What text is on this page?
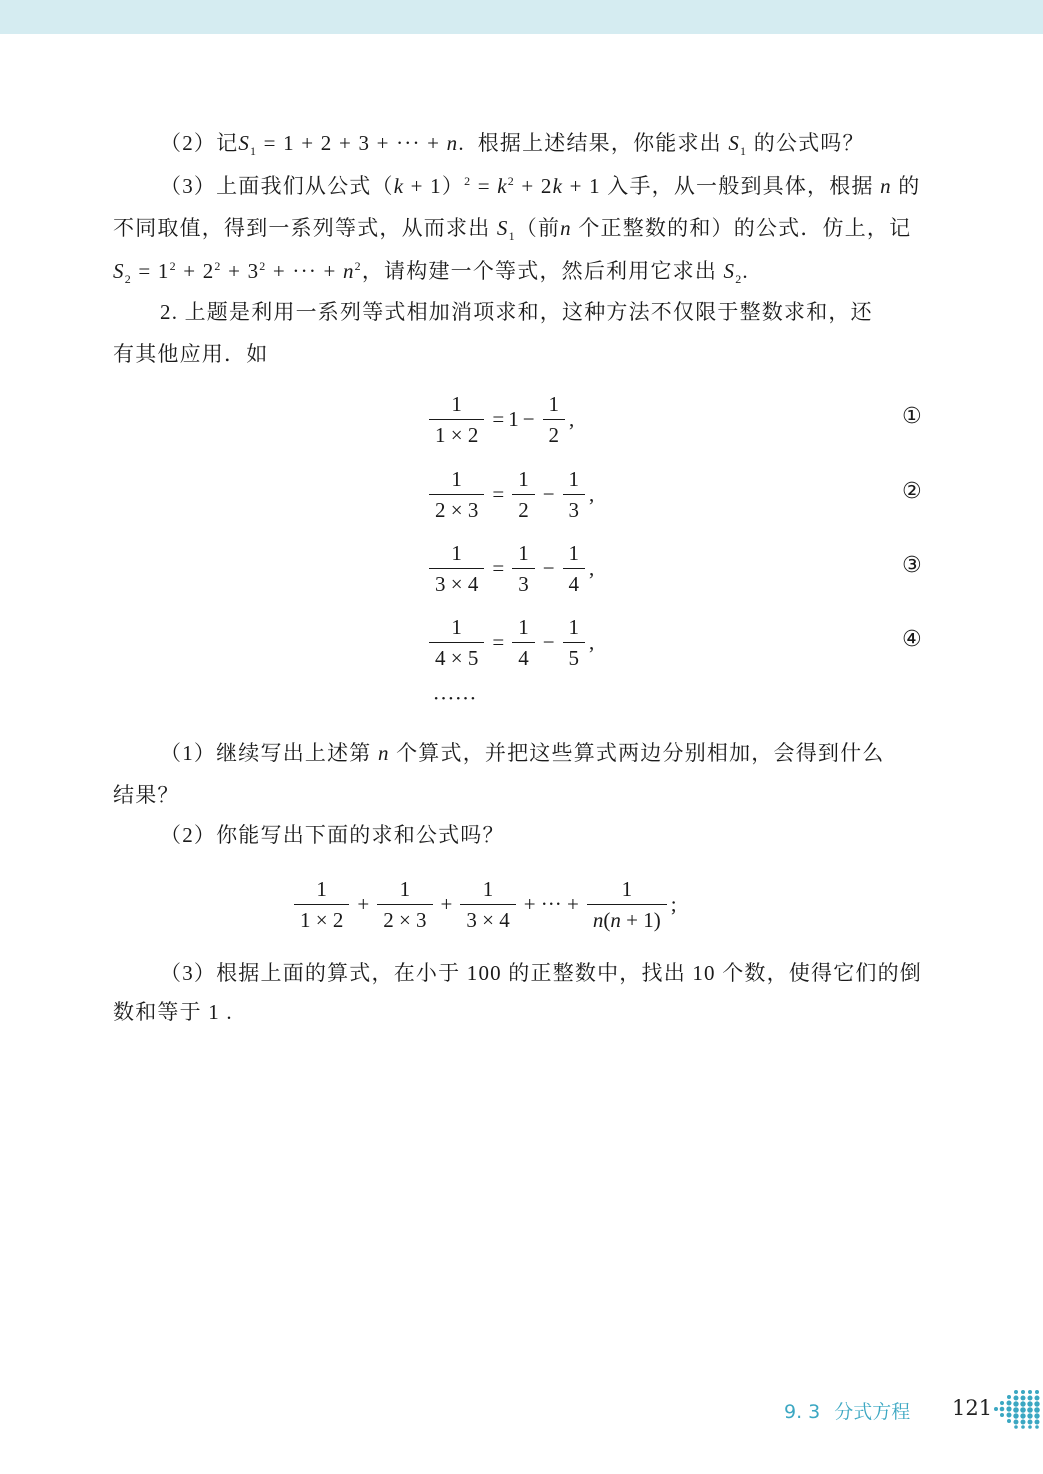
（2）记$S_1 = 1 + 2 + 3$ + ··· + n. 根据上述结果，你能求出 $S_1$ 的公式吗？
（3）上面我们从公式$(k + 1)^2 = k^2 + 2k + 1$ 入手，从一般到具体，根据 n 的
不同取值，得到一系列等式，从而求出 $S_1$（前n 个正整数的和）的公式．仿上，记
$S_2 = 1^2 + 2^2 + 3^2$ + ··· + $n^2$，请构建一个等式，然后利用它求出 $S_2$.
2. 上题是利用一系列等式相加消项求和，这种方法不仅限于整数求和，还
有其他应用．如
$\frac{1}{1 \times 2} = 1 - \frac{1}{2}$ ,	①
$\frac{1}{2 \times 3} = \frac{1}{2} - \frac{1}{3}$ ,	②
$\frac{1}{3 \times 4} = \frac{1}{3} - \frac{1}{4}$ ,	③
$\frac{1}{4 \times 5} = \frac{1}{4} - \frac{1}{5}$ ,	④
······
（1）继续写出上述第 n 个算式，并把这些算式两边分别相加，会得到什么
结果？
（2）你能写出下面的求和公式吗？
$\frac{1}{1 \times 2} + \frac{1}{2 \times 3} + \frac{1}{3 \times 4}$ + ··· + $\frac{1}{n(n + 1)}$ ;
（3）根据上面的算式，在小于 100 的正整数中，找出 10 个数，使得它们的倒
数和等于 1 .
9. 3 分式方程 121
